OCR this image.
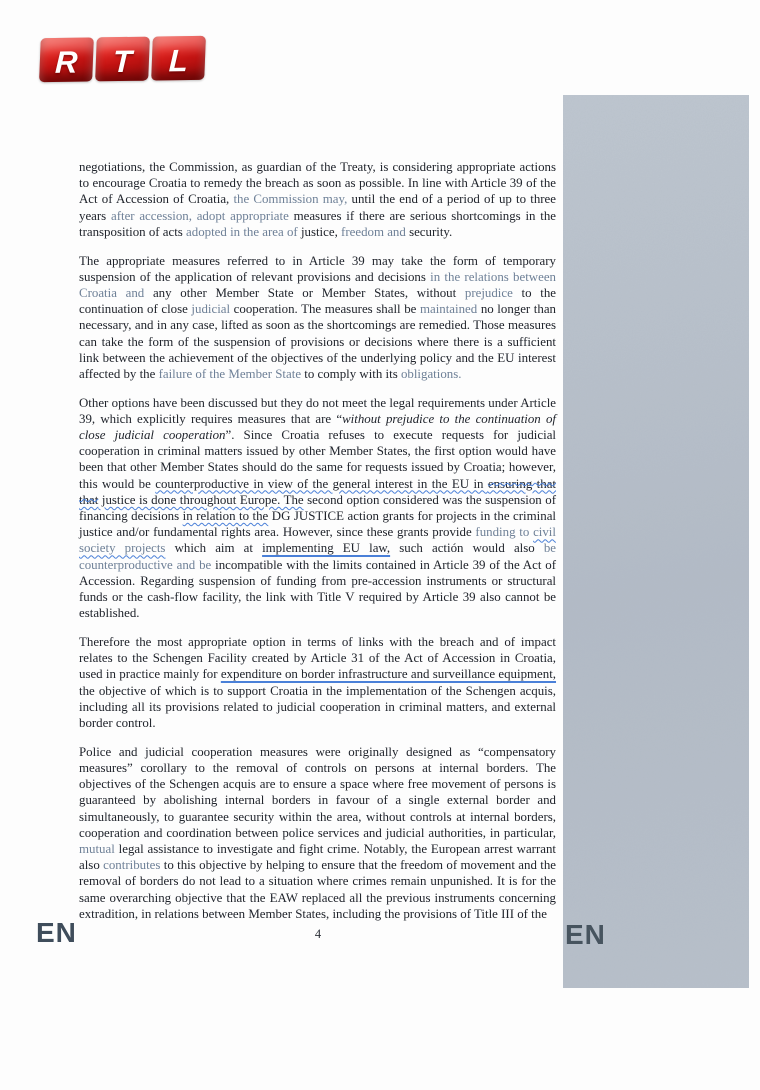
R T L
EN

negotiations, the Commission, as guardian of the Treaty, is considering appropriate actions to encourage Croatia to remedy the breach as soon as possible. In line with Article 39 of the Act of Accession of Croatia, the Commission may, until the end of a period of up to three years after accession, adopt appropriate measures if there are serious shortcomings in the transposition of acts adopted in the area of justice, freedom and security.

The appropriate measures referred to in Article 39 may take the form of temporary suspension of the application of relevant provisions and decisions in the relations between Croatia and any other Member State or Member States, without prejudice to the continuation of close judicial cooperation. The measures shall be maintained no longer than necessary, and in any case, lifted as soon as the shortcomings are remedied. Those measures can take the form of the suspension of provisions or decisions where there is a sufficient link between the achievement of the objectives of the underlying policy and the EU interest affected by the failure of the Member State to comply with its obligations.

Other options have been discussed but they do not meet the legal requirements under Article 39, which explicitly requires measures that are “without prejudice to the continuation of close judicial cooperation”. Since Croatia refuses to execute requests for judicial cooperation in criminal matters issued by other Member States, the first option would have been that other Member States should do the same for requests issued by Croatia; however, this would be counterproductive in view of the general interest in the EU in ensuring that that justice is done throughout Europe. The second option considered was the suspension of financing decisions in relation to the DG JUSTICE action grants for projects in the criminal justice and/or fundamental rights area. However, since these grants provide funding to civil society projects which aim at implementing EU law, such actión would also be counterproductive and be incompatible with the limits contained in Article 39 of the Act of Accession. Regarding suspension of funding from pre-accession instruments or structural funds or the cash-flow facility, the link with Title V required by Article 39 also cannot be established.

Therefore the most appropriate option in terms of links with the breach and of impact relates to the Schengen Facility created by Article 31 of the Act of Accession in Croatia, used in practice mainly for expenditure on border infrastructure and surveillance equipment, the objective of which is to support Croatia in the implementation of the Schengen acquis, including all its provisions related to judicial cooperation in criminal matters, and external border control.

Police and judicial cooperation measures were originally designed as “compensatory measures” corollary to the removal of controls on persons at internal borders. The objectives of the Schengen acquis are to ensure a space where free movement of persons is guaranteed by abolishing internal borders in favour of a single external border and simultaneously, to guarantee security within the area, without controls at internal borders, cooperation and coordination between police services and judicial authorities, in particular, mutual legal assistance to investigate and fight crime. Notably, the European arrest warrant also contributes to this objective by helping to ensure that the freedom of movement and the removal of borders do not lead to a situation where crimes remain unpunished. It is for the same overarching objective that the EAW replaced all the previous instruments concerning extradition, in relations between Member States, including the provisions of Title III of the

EN	4
